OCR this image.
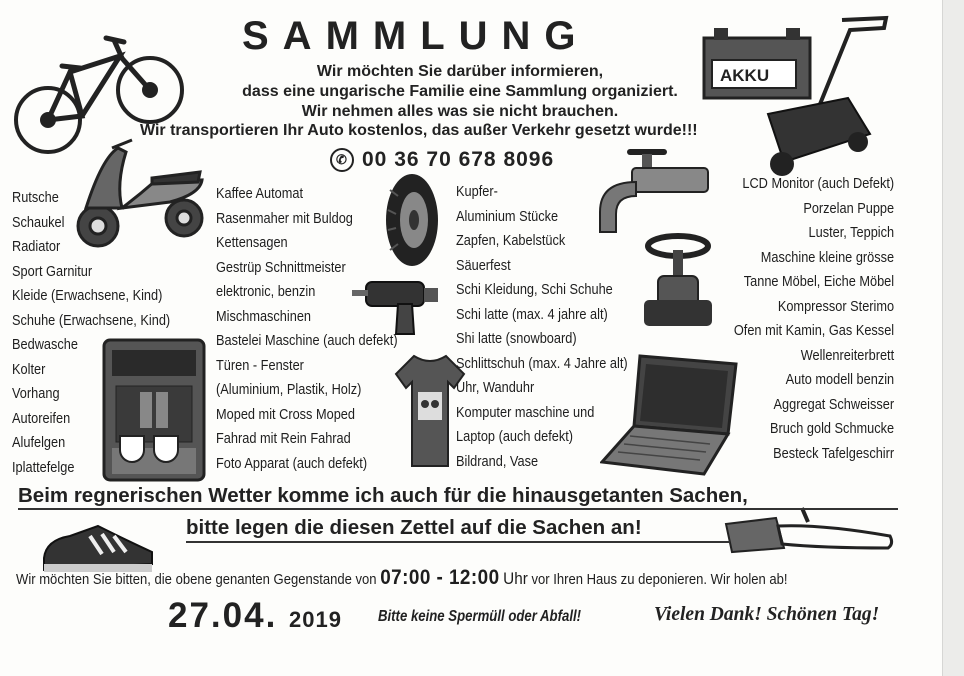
SAMMLUNG
Wir möchten Sie darüber informieren,
dass eine ungarische Familie eine Sammlung organiziert.
Wir nehmen alles was sie nicht brauchen.
Wir transportieren Ihr Auto kostenlos, das außer Verkehr gesetzt wurde!!!
✆ 00 36 70 678 8096
AKKU
Rutsche
Schaukel
Radiator
Sport Garnitur
Kleide (Erwachsene, Kind)
Schuhe (Erwachsene, Kind)
Bedwasche
Kolter
Vorhang
Autoreifen
Alufelgen
Iplattefelge
Kaffee Automat
Rasenmaher mit Buldog
Kettensagen
Gestrüp Schnittmeister
elektronic, benzin
Mischmaschinen
Bastelei Maschine (auch defekt)
Türen - Fenster
(Aluminium, Plastik, Holz)
Moped mit Cross Moped
Fahrad mit Rein Fahrad
Foto Apparat (auch defekt)
Kupfer-
Aluminium Stücke
Zapfen, Kabelstück
Säuerfest
Schi Kleidung, Schi Schuhe
Schi latte (max. 4 jahre alt)
Shi latte (snowboard)
Schlittschuh (max. 4 Jahre alt)
Uhr, Wanduhr
Komputer maschine und
Laptop (auch defekt)
Bildrand, Vase
LCD Monitor (auch Defekt)
Porzelan Puppe
Luster, Teppich
Maschine kleine grösse
Tanne Möbel, Eiche Möbel
Kompressor Sterimo
Ofen mit Kamin, Gas Kessel
Wellenreiterbrett
Auto modell benzin
Aggregat Schweisser
Bruch gold Schmucke
Besteck Tafelgeschirr
Beim regnerischen Wetter komme ich auch für die hinausgetanten Sachen,
bitte legen die diesen Zettel auf die Sachen an!
Wir möchten Sie bitten, die obene genanten Gegenstande von 07:00 - 12:00 Uhr vor Ihren Haus zu deponieren. Wir holen ab!
27.04. 2019 Bitte keine Spermüll oder Abfall!	Vielen Dank! Schönen Tag!
